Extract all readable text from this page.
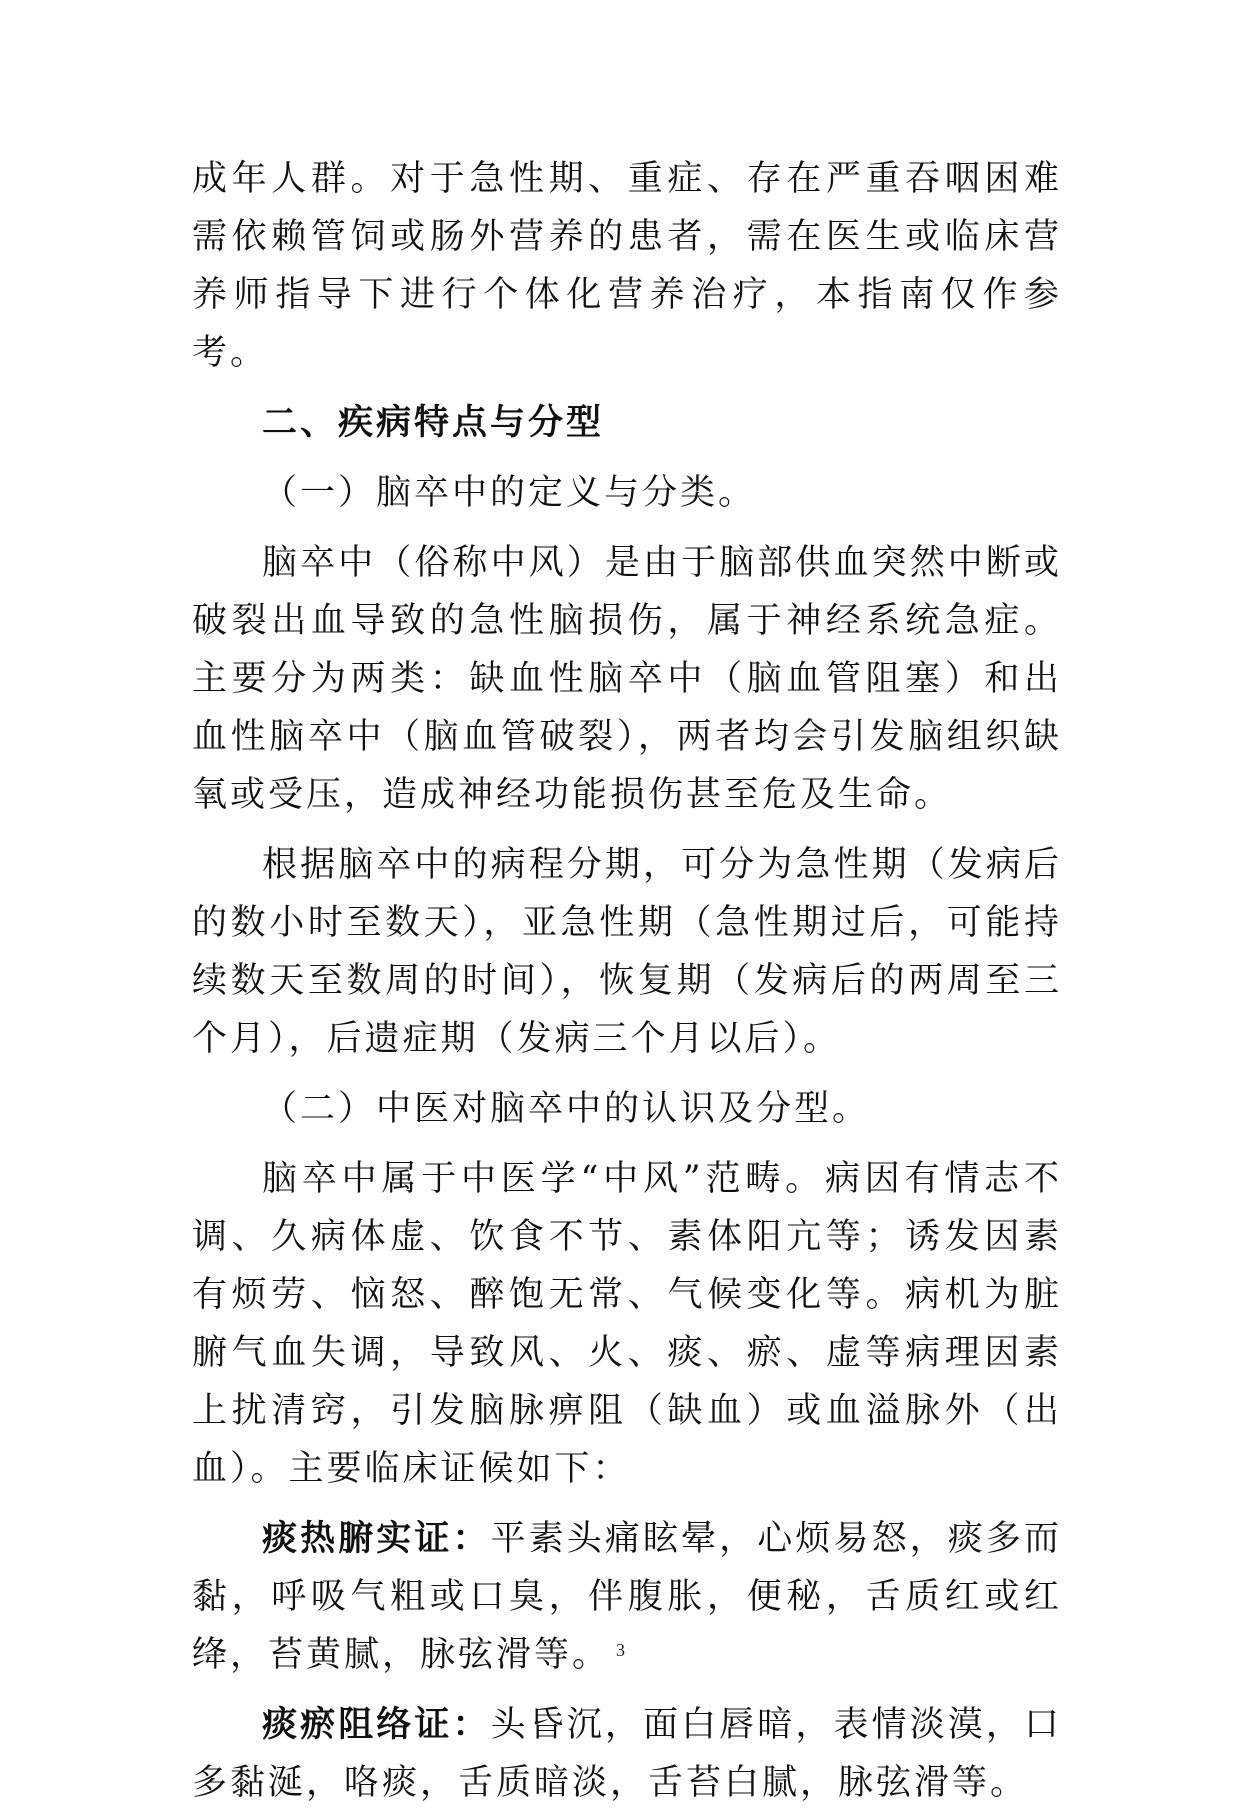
成年人群。对于急性期、重症、存在严重吞咽困难需依赖管饲或肠外营养的患者，需在医生或临床营养师指导下进行个体化营养治疗，本指南仅作参考。

二、疾病特点与分型

（一）脑卒中的定义与分类。

脑卒中（俗称中风）是由于脑部供血突然中断或破裂出血导致的急性脑损伤，属于神经系统急症。主要分为两类：缺血性脑卒中（脑血管阻塞）和出血性脑卒中（脑血管破裂），两者均会引发脑组织缺氧或受压，造成神经功能损伤甚至危及生命。

根据脑卒中的病程分期，可分为急性期（发病后的数小时至数天），亚急性期（急性期过后，可能持续数天至数周的时间），恢复期（发病后的两周至三个月），后遗症期（发病三个月以后）。

（二）中医对脑卒中的认识及分型。

脑卒中属于中医学“中风”范畴。病因有情志不调、久病体虚、饮食不节、素体阳亢等；诱发因素有烦劳、恼怒、醉饱无常、气候变化等。病机为脏腑气血失调，导致风、火、痰、瘀、虚等病理因素上扰清窍，引发脑脉痹阻（缺血）或血溢脉外（出血）。主要临床证候如下：

痰热腑实证：平素头痛眩晕，心烦易怒，痰多而黏，呼吸气粗或口臭，伴腹胀，便秘，舌质红或红绛，苔黄腻，脉弦滑等。

痰瘀阻络证：头昏沉，面白唇暗，表情淡漠，口多黏涎，咯痰，舌质暗淡，舌苔白腻，脉弦滑等。

3
